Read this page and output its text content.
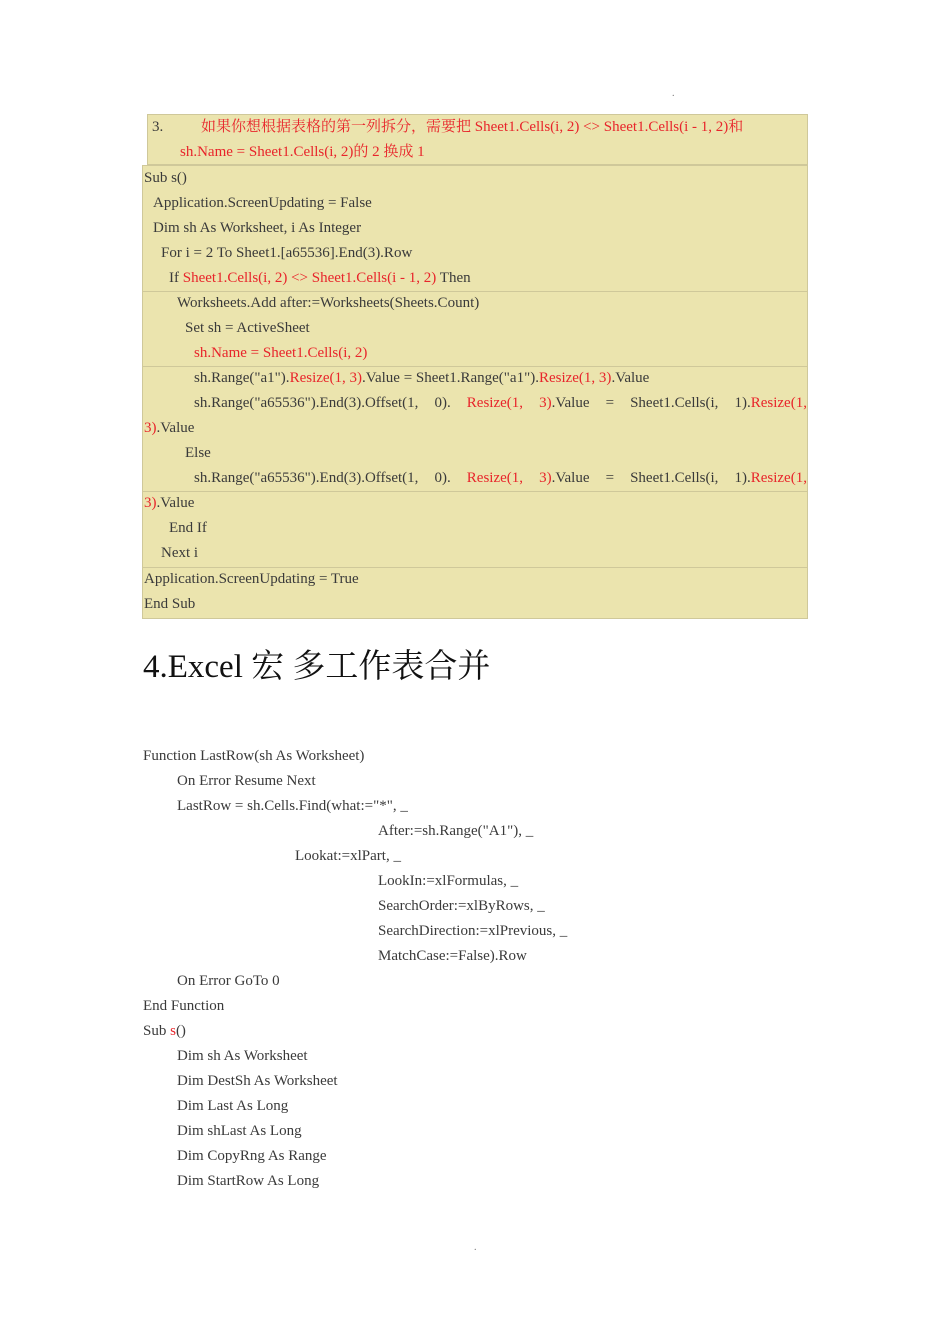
.
3.	如果你想根据表格的第一列拆分，需要把 Sheet1.Cells(i, 2) <> Sheet1.Cells(i - 1, 2)和
sh.Name = Sheet1.Cells(i, 2)的 2 换成 1
Sub s()
Application.ScreenUpdating = False
Dim sh As Worksheet, i As Integer
For i = 2 To Sheet1.[a65536].End(3).Row
If Sheet1.Cells(i, 2) <> Sheet1.Cells(i - 1, 2) Then
Worksheets.Add after:=Worksheets(Sheets.Count)
Set sh = ActiveSheet
sh.Name = Sheet1.Cells(i, 2)
sh.Range("a1").Resize(1, 3).Value = Sheet1.Range("a1").Resize(1, 3).Value
sh.Range("a65536").End(3).Offset(1, 0). Resize(1, 3).Value = Sheet1.Cells(i, 1).Resize(1,
3).Value
Else
sh.Range("a65536").End(3).Offset(1, 0). Resize(1, 3).Value = Sheet1.Cells(i, 1).Resize(1,
3).Value
End If
Next i
Application.ScreenUpdating = True
End Sub
4.Excel 宏 多工作表合并
Function LastRow(sh As Worksheet)
On Error Resume Next
LastRow = sh.Cells.Find(what:="*", _
After:=sh.Range("A1"), _
Lookat:=xlPart, _
LookIn:=xlFormulas, _
SearchOrder:=xlByRows, _
SearchDirection:=xlPrevious, _
MatchCase:=False).Row
On Error GoTo 0
End Function
Sub s()
Dim sh As Worksheet
Dim DestSh As Worksheet
Dim Last As Long
Dim shLast As Long
Dim CopyRng As Range
Dim StartRow As Long
.
